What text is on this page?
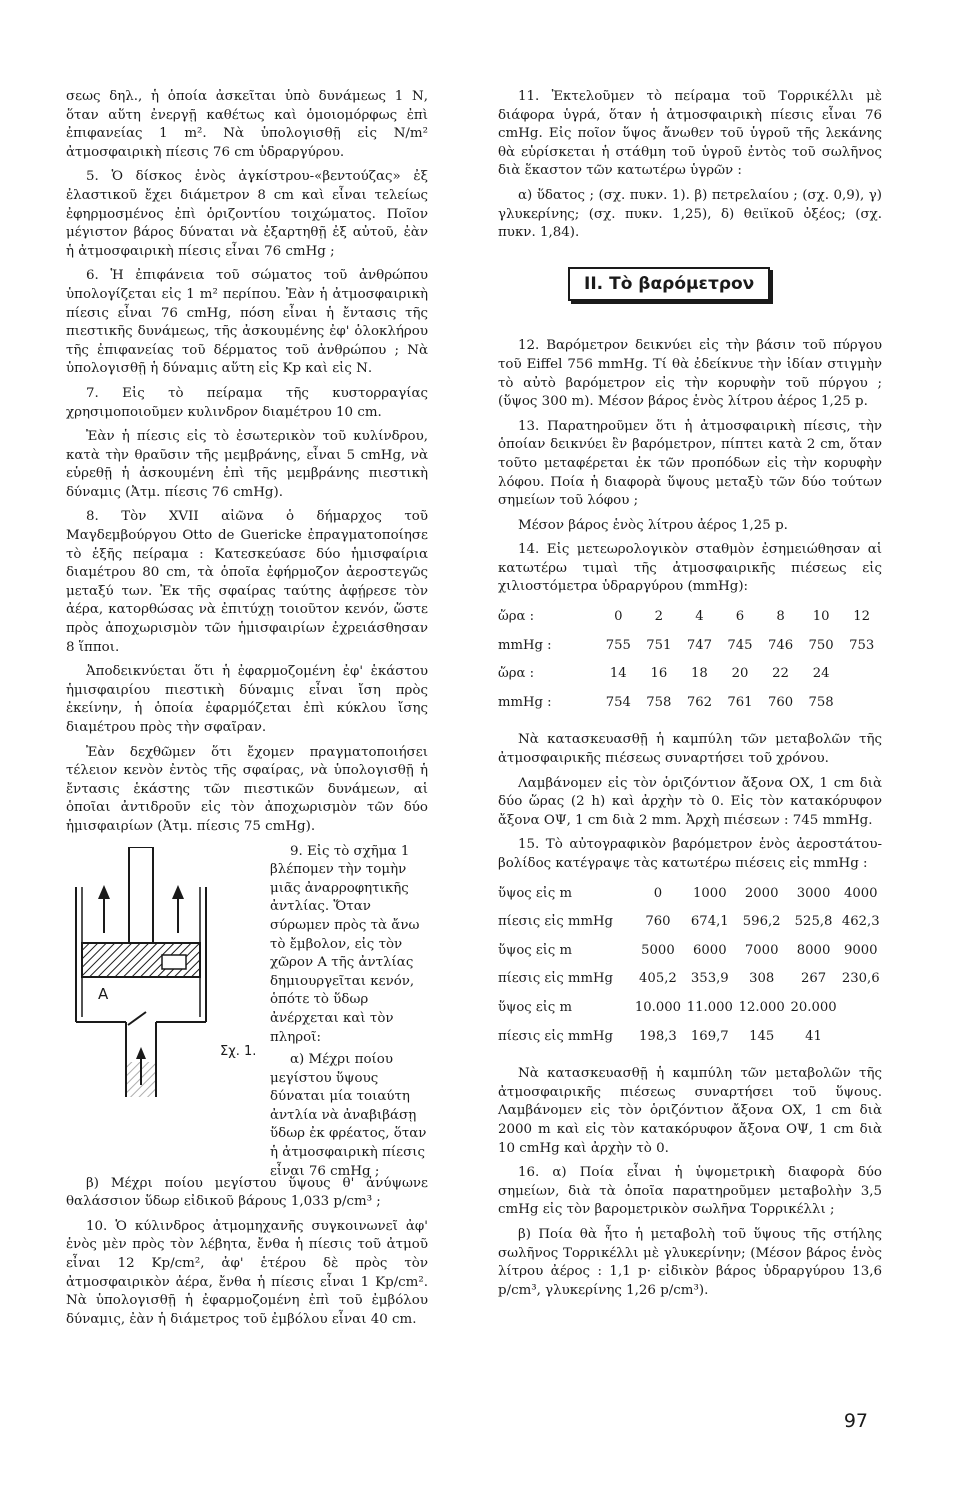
σεως δηλ., ἡ ὁποία ἀσκεῖται ὑπὸ δυνάμεως 1 Ν, ὅταν αὕτη ἐνεργῇ καθέτως καὶ ὁμοιομόρφως ἐπὶ ἐπιφανείας 1 m². Νὰ ὑπολογισθῇ εἰς N/m² ἀτμοσφαιρικὴ πίεσις 76 cm ὑδραργύρου.

5. Ὁ δίσκος ἑνὸς ἀγκίστρου-«βεντούζας» ἐξ ἐλαστικοῦ ἔχει διάμετρον 8 cm καὶ εἶναι τελείως ἐφηρμοσμένος ἐπὶ ὁριζοντίου τοιχώματος. Ποῖον μέγιστον βάρος δύναται νὰ ἐξαρτηθῇ ἐξ αὐτοῦ, ἐὰν ἡ ἀτμοσφαιρικὴ πίεσις εἶναι 76 cmHg ;

6. Ἡ ἐπιφάνεια τοῦ σώματος τοῦ ἀνθρώπου ὑπολογίζεται εἰς 1 m² περίπου. Ἐὰν ἡ ἀτμοσφαιρικὴ πίεσις εἶναι 76 cmHg, πόση εἶναι ἡ ἔντασις τῆς πιεστικῆς δυνάμεως, τῆς ἀσκουμένης ἐφ' ὁλοκλήρου τῆς ἐπιφανείας τοῦ δέρματος τοῦ ἀνθρώπου ; Νὰ ὑπολογισθῇ ἡ δύναμις αὕτη εἰς Kp καὶ εἰς Ν.

7. Εἰς τὸ πείραμα τῆς κυστορραγίας χρησιμοποιοῦμεν κυλινδρον διαμέτρου 10 cm.

Ἐὰν ἡ πίεσις εἰς τὸ ἐσωτερικὸν τοῦ κυλίνδρου, κατὰ τὴν θραῦσιν τῆς μεμβράνης, εἶναι 5 cmHg, νὰ εὑρεθῇ ἡ ἀσκουμένη ἐπὶ τῆς μεμβράνης πιεστικὴ δύναμις (Ἀτμ. πίεσις 76 cmHg).

8. Τὸν XVII αἰῶνα ὁ δήμαρχος τοῦ Μαγδεμβούργου Otto de Guericke ἐπραγματοποίησε τὸ ἑξῆς πείραμα : Κατεσκεύασε δύο ἡμισφαίρια διαμέτρου 80 cm, τὰ ὁποῖα ἐφήρμοζον ἀεροστεγῶς μεταξύ των. Ἐκ τῆς σφαίρας ταύτης ἀφῄρεσε τὸν ἀέρα, κατορθώσας νὰ ἐπιτύχῃ τοιοῦτον κενόν, ὥστε πρὸς ἀποχωρισμὸν τῶν ἡμισφαιρίων ἐχρειάσθησαν 8 ἵπποι.

Ἀποδεικνύεται ὅτι ἡ ἐφαρμοζομένη ἐφ' ἑκάστου ἡμισφαιρίου πιεστικὴ δύναμις εἶναι ἴση πρὸς ἐκείνην, ἡ ὁποία ἐφαρμόζεται ἐπὶ κύκλου ἴσης διαμέτρου πρὸς τὴν σφαῖραν.

Ἐὰν δεχθῶμεν ὅτι ἔχομεν πραγματοποιήσει τέλειον κενὸν ἐντὸς τῆς σφαίρας, νὰ ὑπολογισθῇ ἡ ἔντασις ἑκάστης τῶν πιεστικῶν δυνάμεων, αἱ ὁποῖαι ἀντιδροῦν εἰς τὸν ἀποχωρισμὸν τῶν δύο ἡμισφαιρίων (Ἀτμ. πίεσις 75 cmHg).

A
Σχ. 1.

9. Εἰς τὸ σχῆμα 1 βλέπομεν τὴν τομὴν μιᾶς ἀναρροφητικῆς ἀντλίας. Ὅταν σύρωμεν πρὸς τὰ ἄνω τὸ ἔμβολον, εἰς τὸν χῶρον Α τῆς ἀντλίας δημιουργεῖται κενόν, ὁπότε τὸ ὕδωρ ἀνέρχεται καὶ τὸν πληροῖ:

α) Μέχρι ποίου μεγίστου ὕψους δύναται μία τοιαύτη ἀντλία νὰ ἀναβιβάσῃ ὕδωρ ἐκ φρέατος, ὅταν ἡ ἀτμοσφαιρικὴ πίεσις εἶναι 76 cmHg ;

β) Μέχρι ποίου μεγίστου ὕψους θ' ἀνύψωνε θαλάσσιον ὕδωρ εἰδικοῦ βάρους 1,033 p/cm³ ;

10. Ὁ κύλινδρος ἀτμομηχανῆς συγκοινωνεῖ ἀφ' ἑνὸς μὲν πρὸς τὸν λέβητα, ἔνθα ἡ πίεσις τοῦ ἀτμοῦ εἶναι 12 Kp/cm², ἀφ' ἑτέρου δὲ πρὸς τὸν ἀτμοσφαιρικὸν ἀέρα, ἔνθα ἡ πίεσις εἶναι 1 Kp/cm². Νὰ ὑπολογισθῇ ἡ ἐφαρμοζομένη ἐπὶ τοῦ ἐμβόλου δύναμις, ἐὰν ἡ διάμετρος τοῦ ἐμβόλου εἶναι 40 cm.

11. Ἐκτελοῦμεν τὸ πείραμα τοῦ Τορρικέλλι μὲ διάφορα ὑγρά, ὅταν ἡ ἀτμοσφαιρικὴ πίεσις εἶναι 76 cmHg. Εἰς ποῖον ὕψος ἄνωθεν τοῦ ὑγροῦ τῆς λεκάνης θὰ εὑρίσκεται ἡ στάθμη τοῦ ὑγροῦ ἐντὸς τοῦ σωλῆνος διὰ ἕκαστον τῶν κατωτέρω ὑγρῶν :

α) ὕδατος ; (σχ. πυκν. 1). β) πετρελαίου ; (σχ. 0,9), γ) γλυκερίνης; (σχ. πυκν. 1,25), δ) θειϊκοῦ ὀξέος; (σχ. πυκν. 1,84).

II. Τὸ βαρόμετρον

12. Βαρόμετρον δεικνύει εἰς τὴν βάσιν τοῦ πύργου τοῦ Eiffel 756 mmHg. Τί θὰ ἐδείκνυε τὴν ἰδίαν στιγμὴν τὸ αὐτὸ βαρόμετρον εἰς τὴν κορυφὴν τοῦ πύργου ; (ὕψος 300 m). Μέσον βάρος ἑνὸς λίτρου ἀέρος 1,25 p.

13. Παρατηροῦμεν ὅτι ἡ ἀτμοσφαιρικὴ πίεσις, τὴν ὁποίαν δεικνύει ἓν βαρόμετρον, πίπτει κατὰ 2 cm, ὅταν τοῦτο μεταφέρεται ἐκ τῶν προπόδων εἰς τὴν κορυφὴν λόφου. Ποία ἡ διαφορὰ ὕψους μεταξὺ τῶν δύο τούτων σημείων τοῦ λόφου ;

Μέσον βάρος ἑνὸς λίτρου ἀέρος 1,25 p.

14. Εἰς μετεωρολογικὸν σταθμὸν ἐσημειώθησαν αἱ κατωτέρω τιμαὶ τῆς ἀτμοσφαιρικῆς πιέσεως εἰς χιλιοστόμετρα ὑδραργύρου (mmHg):

ὥρα :	0	2	4	6	8	10	12
mmHg :	755	751	747	745	746	750	753
ὥρα :	14	16	18	20	22	24	
mmHg :	754	758	762	761	760	758	

Νὰ κατασκευασθῇ ἡ καμπύλη τῶν μεταβολῶν τῆς ἀτμοσφαιρικῆς πιέσεως συναρτήσει τοῦ χρόνου.

Λαμβάνομεν εἰς τὸν ὁριζόντιον ἄξονα ΟΧ, 1 cm διὰ δύο ὥρας (2 h) καὶ ἀρχὴν τὸ 0. Εἰς τὸν κατακόρυφον ἄξονα ΟΨ, 1 cm διὰ 2 mm. Ἀρχὴ πιέσεων : 745 mmHg.

15. Τὸ αὐτογραφικὸν βαρόμετρον ἑνὸς ἀεροστάτου-βολίδος κατέγραψε τὰς κατωτέρω πιέσεις εἰς mmHg :

ὕψος εἰς m	0	1000	2000	3000	4000
πίεσις εἰς mmHg	760	674,1	596,2	525,8	462,3
ὕψος εἰς m	5000	6000	7000	8000	9000
πίεσις εἰς mmHg	405,2	353,9	308	267	230,6
ὕψος εἰς m	10.000	11.000	12.000	20.000	
πίεσις εἰς mmHg	198,3	169,7	145	41	

Νὰ κατασκευασθῇ ἡ καμπύλη τῶν μεταβολῶν τῆς ἀτμοσφαιρικῆς πιέσεως συναρτήσει τοῦ ὕψους. Λαμβάνομεν εἰς τὸν ὁριζόντιον ἄξονα ΟΧ, 1 cm διὰ 2000 m καὶ εἰς τὸν κατακόρυφον ἄξονα ΟΨ, 1 cm διὰ 10 cmHg καὶ ἀρχὴν τὸ 0.

16. α) Ποία εἶναι ἡ ὑψομετρικὴ διαφορὰ δύο σημείων, διὰ τὰ ὁποῖα παρατηροῦμεν μεταβολὴν 3,5 cmHg εἰς τὸν βαρομετρικὸν σωλῆνα Τορρικέλλι ;

β) Ποία θὰ ἦτο ἡ μεταβολὴ τοῦ ὕψους τῆς στήλης σωλῆνος Τορρικέλλι μὲ γλυκερίνην; (Μέσον βάρος ἑνὸς λίτρου ἀέρος : 1,1 p· εἰδικὸν βάρος ὑδραργύρου 13,6 p/cm³, γλυκερίνης 1,26 p/cm³).

97
